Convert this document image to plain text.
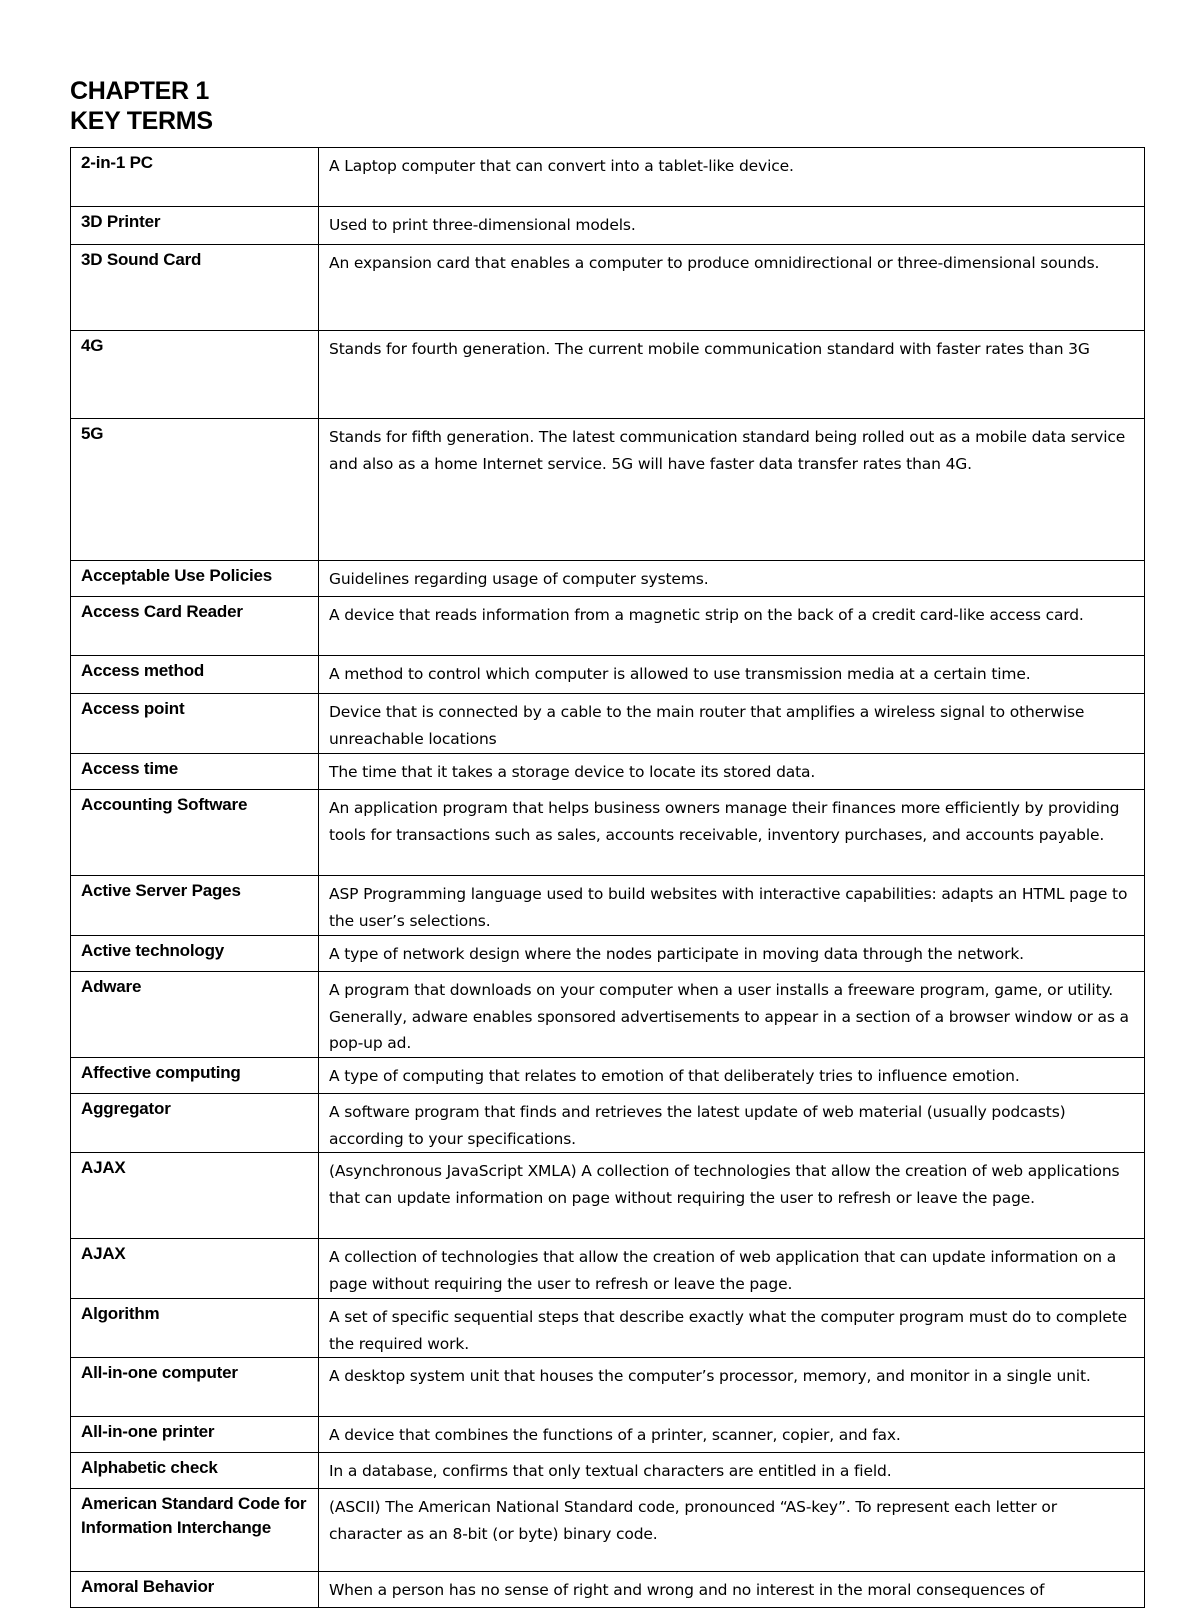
CHAPTER 1
KEY TERMS
2-in-1 PC	A Laptop computer that can convert into a tablet-like device.
3D Printer	Used to print three-dimensional models.
3D Sound Card	An expansion card that enables a computer to produce omnidirectional or three-dimensional sounds.
4G	Stands for fourth generation. The current mobile communication standard with faster rates than 3G
5G	Stands for fifth generation. The latest communication standard being rolled out as a mobile data service and also as a home Internet service. 5G will have faster data transfer rates than 4G.
Acceptable Use Policies	Guidelines regarding usage of computer systems.
Access Card Reader	A device that reads information from a magnetic strip on the back of a credit card-like access card.
Access method	A method to control which computer is allowed to use transmission media at a certain time.
Access point	Device that is connected by a cable to the main router that amplifies a wireless signal to otherwise unreachable locations
Access time	The time that it takes a storage device to locate its stored data.
Accounting Software	An application program that helps business owners manage their finances more efficiently by providing tools for transactions such as sales, accounts receivable, inventory purchases, and accounts payable.
Active Server Pages	ASP Programming language used to build websites with interactive capabilities: adapts an HTML page to the user’s selections.
Active technology	A type of network design where the nodes participate in moving data through the network.
Adware	A program that downloads on your computer when a user installs a freeware program, game, or utility. Generally, adware enables sponsored advertisements to appear in a section of a browser window or as a pop-up ad.
Affective computing	A type of computing that relates to emotion of that deliberately tries to influence emotion.
Aggregator	A software program that finds and retrieves the latest update of web material (usually podcasts) according to your specifications.
AJAX	(Asynchronous JavaScript XMLA) A collection of technologies that allow the creation of web applications that can update information on page without requiring the user to refresh or leave the page.
AJAX	A collection of technologies that allow the creation of web application that can update information on a page without requiring the user to refresh or leave the page.
Algorithm	A set of specific sequential steps that describe exactly what the computer program must do to complete the required work.
All-in-one computer	A desktop system unit that houses the computer’s processor, memory, and monitor in a single unit.
All-in-one printer	A device that combines the functions of a printer, scanner, copier, and fax.
Alphabetic check	In a database, confirms that only textual characters are entitled in a field.
American Standard Code for Information Interchange	(ASCII) The American National Standard code, pronounced “AS-key”. To represent each letter or character as an 8-bit (or byte) binary code.
Amoral Behavior	When a person has no sense of right and wrong and no interest in the moral consequences of
